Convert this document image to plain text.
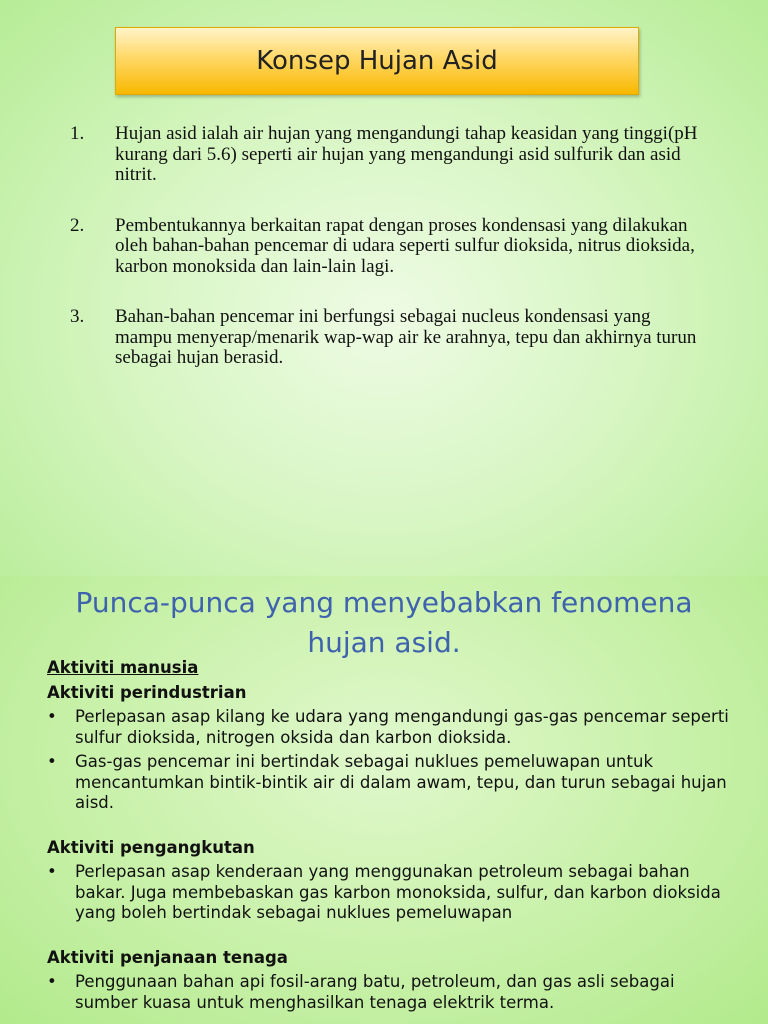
Konsep Hujan Asid
1. Hujan asid ialah air hujan yang mengandungi tahap keasidan yang tinggi(pH kurang dari 5.6) seperti air hujan yang mengandungi asid sulfurik dan asid nitrit.
2. Pembentukannya berkaitan rapat dengan proses kondensasi yang dilakukan oleh bahan-bahan pencemar di udara seperti sulfur dioksida, nitrus dioksida, karbon monoksida dan lain-lain lagi.
3. Bahan-bahan pencemar ini berfungsi sebagai nucleus kondensasi yang mampu menyerap/menarik wap-wap air ke arahnya, tepu dan akhirnya turun sebagai hujan berasid.
Punca-punca yang menyebabkan fenomena hujan asid.

Aktiviti manusia

Aktiviti perindustrian

• Perlepasan asap kilang ke udara yang mengandungi gas-gas pencemar seperti sulfur dioksida, nitrogen oksida dan karbon dioksida.
• Gas-gas pencemar ini bertindak sebagai nuklues pemeluwapan untuk mencantumkan bintik-bintik air di dalam awam, tepu, dan turun sebagai hujan aisd.

Aktiviti pengangkutan

• Perlepasan asap kenderaan yang menggunakan petroleum sebagai bahan bakar. Juga membebaskan gas karbon monoksida, sulfur, dan karbon dioksida yang boleh bertindak sebagai nuklues pemeluwapan

Aktiviti penjanaan tenaga

• Penggunaan bahan api fosil-arang batu, petroleum, dan gas asli sebagai sumber kuasa untuk menghasilkan tenaga elektrik terma.
